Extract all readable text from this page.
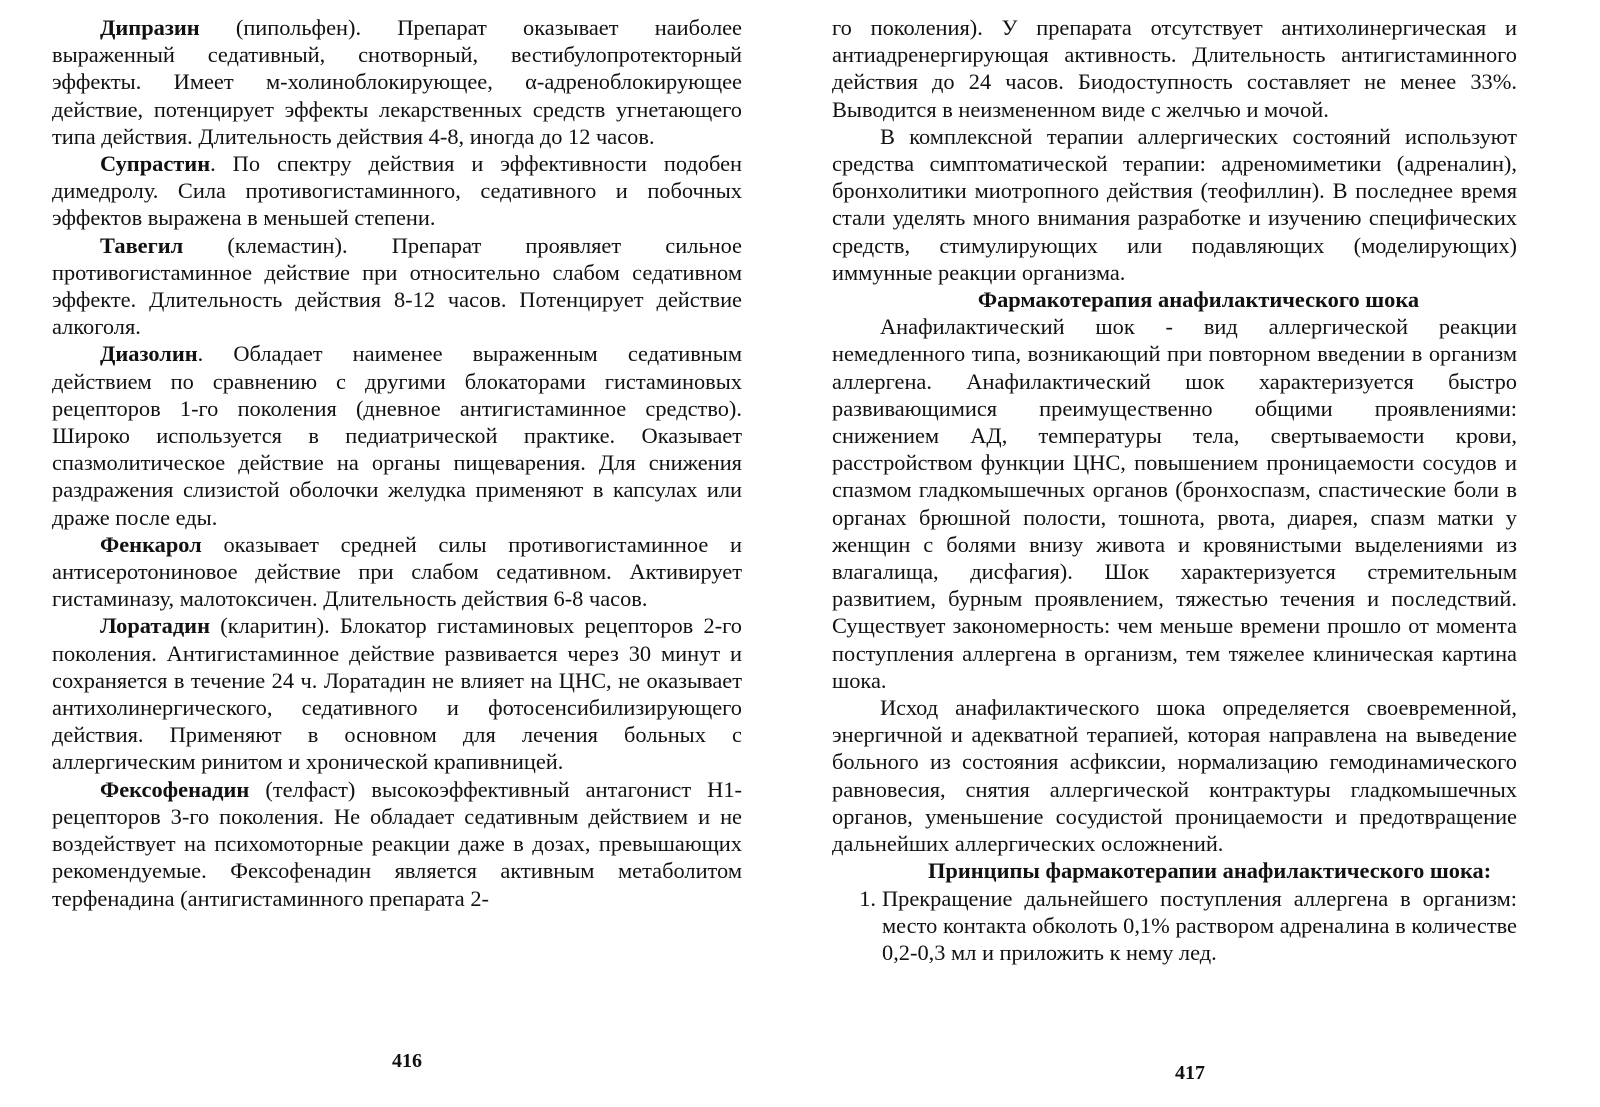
Дипразин (пипольфен). Препарат оказывает наиболее выраженный седативный, снотворный, вестибулопротекторный эффекты. Имеет м-холиноблокирующее, α-адреноблокирующее действие, потенцирует эффекты лекарственных средств угнетающего типа действия. Длительность действия 4-8, иногда до 12 часов.

Супрастин. По спектру действия и эффективности подобен димедролу. Сила противогистаминного, седативного и побочных эффектов выражена в меньшей степени.

Тавегил (клемастин). Препарат проявляет сильное противогистаминное действие при относительно слабом седативном эффекте. Длительность действия 8-12 часов. Потенцирует действие алкоголя.

Диазолин. Обладает наименее выраженным седативным действием по сравнению с другими блокаторами гистаминовых рецепторов 1-го поколения (дневное антигистаминное средство). Широко используется в педиатрической практике. Оказывает спазмолитическое действие на органы пищеварения. Для снижения раздражения слизистой оболочки желудка применяют в капсулах или драже после еды.

Фенкарол оказывает средней силы противогистаминное и антисеротониновое действие при слабом седативном. Активирует гистаминазу, малотоксичен. Длительность действия 6-8 часов.

Лоратадин (кларитин). Блокатор гистаминовых рецепторов 2-го поколения. Антигистаминное действие развивается через 30 минут и сохраняется в течение 24 ч. Лоратадин не влияет на ЦНС, не оказывает антихолинергического, седативного и фотосенсибилизирующего действия. Применяют в основном для лечения больных с аллергическим ринитом и хронической крапивницей.

Фексофенадин (телфаст) высокоэффективный антагонист Н1-рецепторов 3-го поколения. Не обладает седативным действием и не воздействует на психомоторные реакции даже в дозах, превышающих рекомендуемые. Фексофенадин является активным метаболитом терфенадина (антигистаминного препарата 2-

416

го поколения). У препарата отсутствует антихолинергическая и антиадренергирующая активность. Длительность антигистаминного действия до 24 часов. Биодоступность составляет не менее 33%. Выводится в неизмененном виде с желчью и мочой.

В комплексной терапии аллергических состояний используют средства симптоматической терапии: адреномиметики (адреналин), бронхолитики миотропного действия (теофиллин). В последнее время стали уделять много внимания разработке и изучению специфических средств, стимулирующих или подавляющих (моделирующих) иммунные реакции организма.

Фармакотерапия анафилактического шока

Анафилактический шок - вид аллергической реакции немедленного типа, возникающий при повторном введении в организм аллергена. Анафилактический шок характеризуется быстро развивающимися преимущественно общими проявлениями: снижением АД, температуры тела, свертываемости крови, расстройством функции ЦНС, повышением проницаемости сосудов и спазмом гладкомышечных органов (бронхоспазм, спастические боли в органах брюшной полости, тошнота, рвота, диарея, спазм матки у женщин с болями внизу живота и кровянистыми выделениями из влагалища, дисфагия). Шок характеризуется стремительным развитием, бурным проявлением, тяжестью течения и последствий. Существует закономерность: чем меньше времени прошло от момента поступления аллергена в организм, тем тяжелее клиническая картина шока.

Исход анафилактического шока определяется своевременной, энергичной и адекватной терапией, которая направлена на выведение больного из состояния асфиксии, нормализацию гемодинамического равновесия, снятия аллергической контрактуры гладкомышечных органов, уменьшение сосудистой проницаемости и предотвращение дальнейших аллергических осложнений.

Принципы фармакотерапии анафилактического шока:

1. Прекращение дальнейшего поступления аллергена в организм: место контакта обколоть 0,1% раствором адреналина в количестве 0,2-0,3 мл и приложить к нему лед.
417
